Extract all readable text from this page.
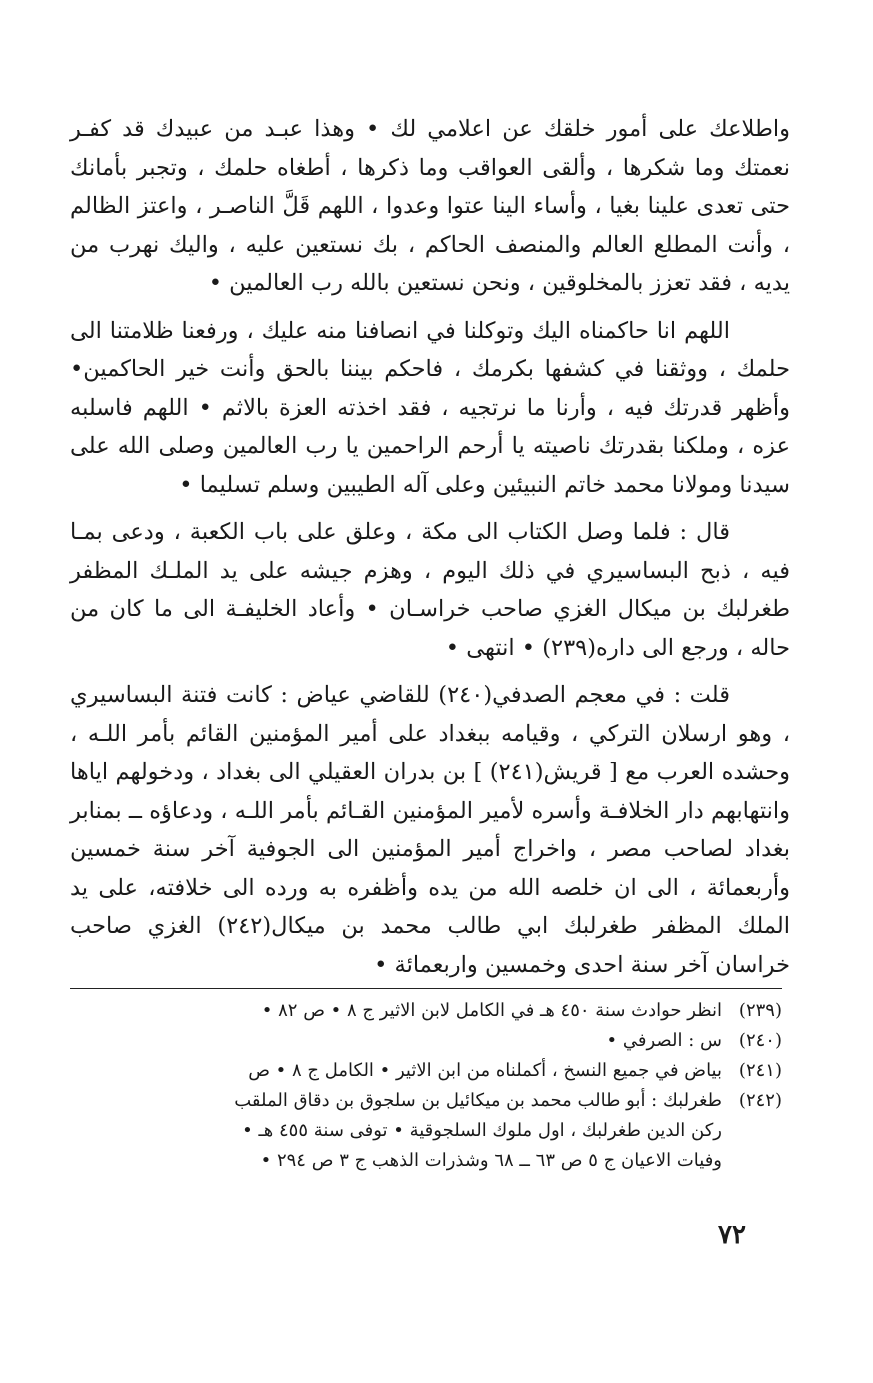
واطلاعك على أمور خلقك عن اعلامي لك • وهذا عبـد من عبيدك قد كفـر نعمتك وما شكرها ، وألقى العواقب وما ذكرها ، أطغاه حلمك ، وتجبر بأمانك حتى تعدى علينا بغيا ، وأساء الينا عتوا وعدوا ، اللهم قَلَّ الناصـر ، واعتز الظالم ، وأنت المطلع العالم والمنصف الحاكم ، بك نستعين عليه ، واليك نهرب من يديه ، فقد تعزز بالمخلوقين ، ونحن نستعين بالله رب العالمين •

اللهم انا حاكمناه اليك وتوكلنا في انصافنا منه عليك ، ورفعنا ظلامتنا الى حلمك ، ووثقنا في كشفها بكرمك ، فاحكم بيننا بالحق وأنت خير الحاكمين• وأظهر قدرتك فيه ، وأرنا ما نرتجيه ، فقد اخذته العزة بالاثم • اللهم فاسلبه عزه ، وملكنا بقدرتك ناصيته يا أرحم الراحمين يا رب العالمين وصلى الله على سيدنا ومولانا محمد خاتم النبيئين وعلى آله الطيبين وسلم تسليما •

قال : فلما وصل الكتاب الى مكة ، وعلق على باب الكعبة ، ودعى بمـا فيه ، ذبح البساسيري في ذلك اليوم ، وهزم جيشه على يد الملـك المظفر طغرلبك بن ميكال الغزي صاحب خراسـان • وأعاد الخليفـة الى ما كان من حاله ، ورجع الى داره(٢٣٩) • انتهى •

قلت : في معجم الصدفي(٢٤٠) للقاضي عياض : كانت فتنة البساسيري ، وهو ارسلان التركي ، وقيامه ببغداد على أمير المؤمنين القائم بأمر اللـه ، وحشده العرب مع [ قريش(٢٤١) ] بن بدران العقيلي الى بغداد ، ودخولهم اياها وانتهابهم دار الخلافـة وأسره لأمير المؤمنين القـائم بأمر اللـه ، ودعاؤه ــ بمنابر بغداد لصاحب مصر ، واخراج أمير المؤمنين الى الجوفية آخر سنة خمسين وأربعمائة ، الى ان خلصه الله من يده وأظفره به ورده الى خلافته، على يد الملك المظفر طغرلبك ابي طالب محمد بن ميكال(٢٤٢) الغزي صاحب خراسان آخر سنة احدى وخمسين واربعمائة •

(٢٣٩)
انظر حوادث سنة ٤٥٠ هـ في الكامل لابن الاثير ج ٨ • ص ٨٢ •
(٢٤٠)
س : الصرفي •
(٢٤١)
بياض في جميع النسخ ، أكملناه من ابن الاثير • الكامل ج ٨ • ص
(٢٤٢)
طغرلبك : أبو طالب محمد بن ميكائيل بن سلجوق بن دقاق الملقب
ركن الدين طغرلبك ، اول ملوك السلجوقية • توفى سنة ٤٥٥ هـ •
وفيات الاعيان ج ٥ ص ٦٣ ــ ٦٨ وشذرات الذهب ج ٣ ص ٢٩٤ •
٧٢
